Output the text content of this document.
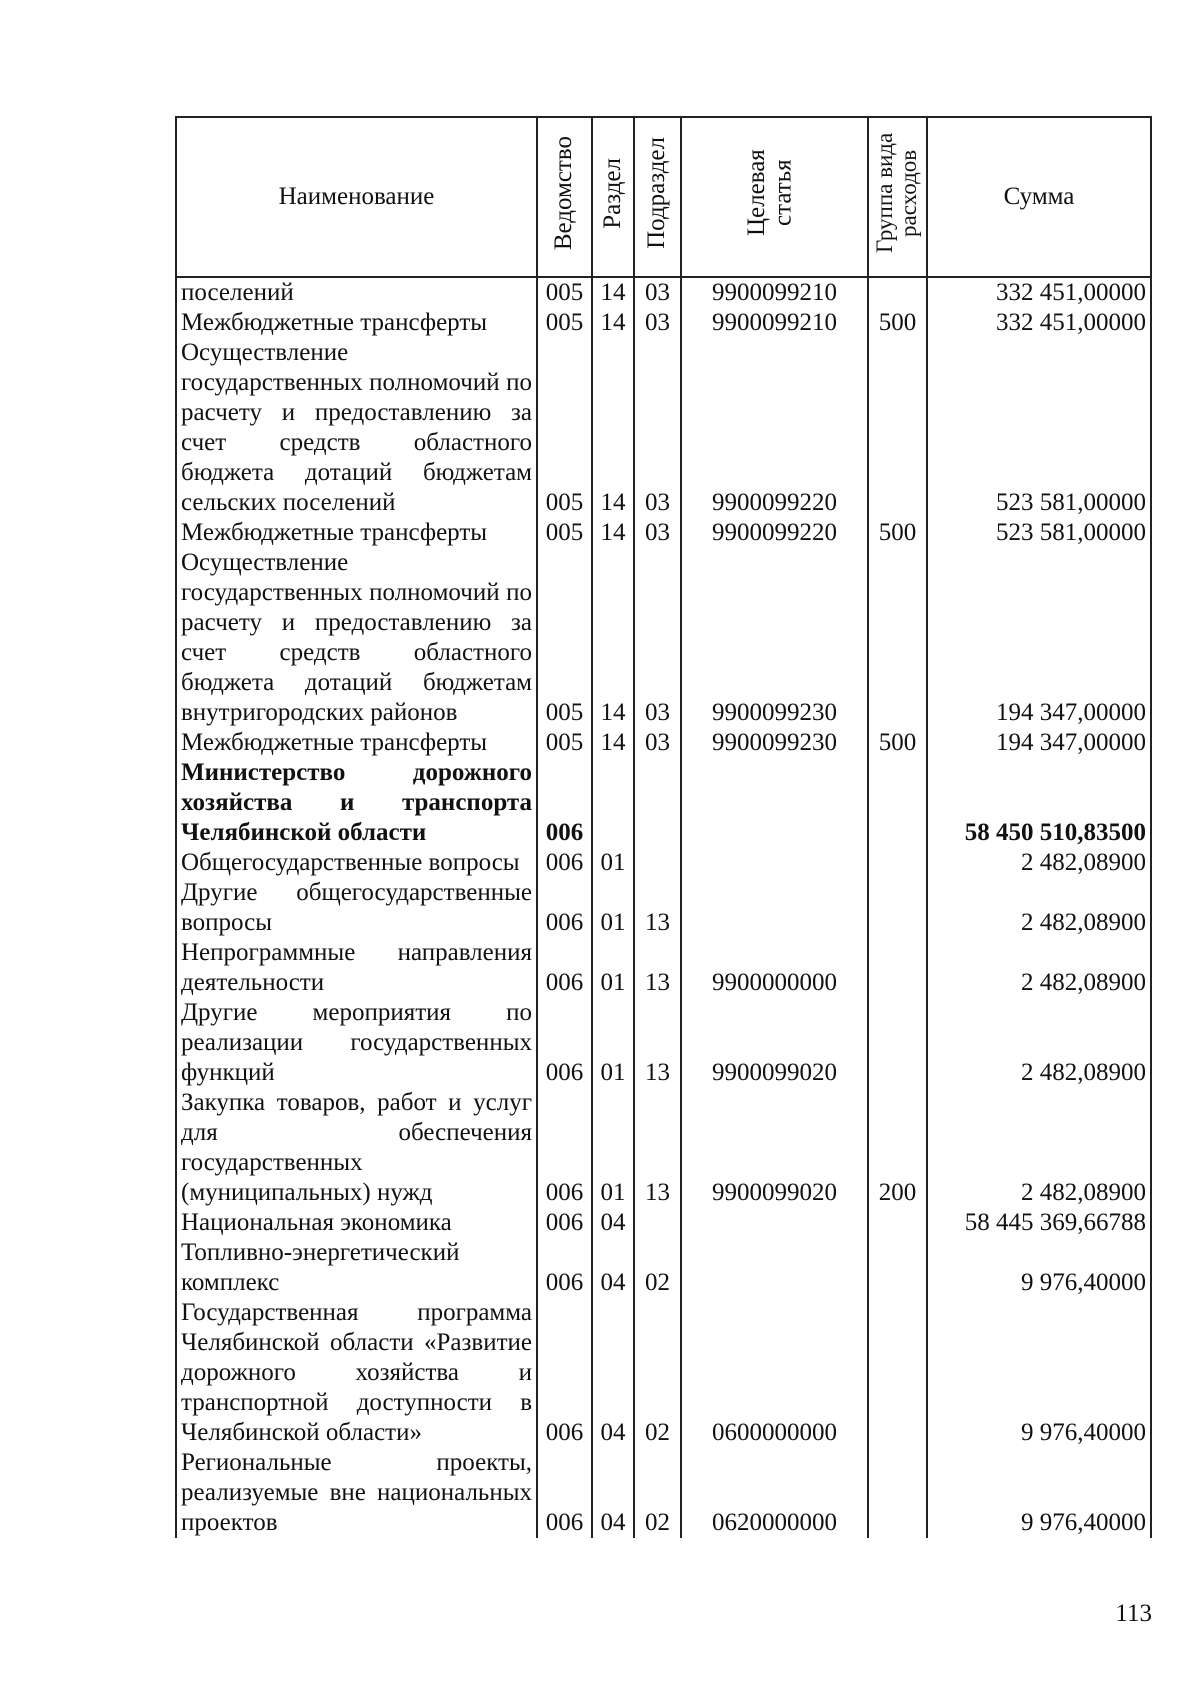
Наименование	Ведомство	Раздел	Подраздел	Целевая статья	Группа вида расходов	Сумма
поселений	005	14	03	9900099210		332 451,00000
Межбюджетные трансферты	005	14	03	9900099210	500	332 451,00000
Осуществление государственных полномочий по расчету и предоставлению за счет средств областного бюджета дотаций бюджетам сельских поселений	005	14	03	9900099220		523 581,00000
Межбюджетные трансферты	005	14	03	9900099220	500	523 581,00000
Осуществление государственных полномочий по расчету и предоставлению за счет средств областного бюджета дотаций бюджетам внутригородских районов	005	14	03	9900099230		194 347,00000
Межбюджетные трансферты	005	14	03	9900099230	500	194 347,00000
Министерство дорожного хозяйства и транспорта Челябинской области	006					58 450 510,83500
Общегосударственные вопросы	006	01				2 482,08900
Другие общегосударственные вопросы	006	01	13			2 482,08900
Непрограммные направления деятельности	006	01	13	9900000000		2 482,08900
Другие мероприятия по реализации государственных функций	006	01	13	9900099020		2 482,08900
Закупка товаров, работ и услуг для обеспечения государственных (муниципальных) нужд	006	01	13	9900099020	200	2 482,08900
Национальная экономика	006	04				58 445 369,66788
Топливно-энергетический комплекс	006	04	02			9 976,40000
Государственная программа Челябинской области «Развитие дорожного хозяйства и транспортной доступности в Челябинской области»	006	04	02	0600000000		9 976,40000
Региональные проекты, реализуемые вне национальных проектов	006	04	02	0620000000		9 976,40000
113
